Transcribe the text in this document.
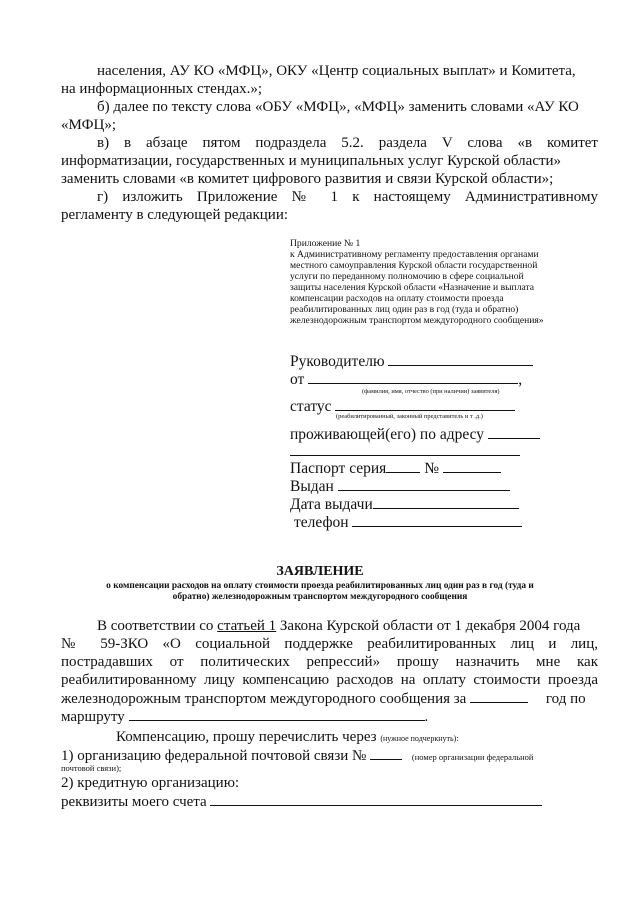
населения, АУ КО «МФЦ», ОКУ «Центр социальных выплат» и Комитета,
на информационных стендах.»;
б) далее по тексту слова «ОБУ «МФЦ», «МФЦ» заменить словами «АУ КО
«МФЦ»;
в) в абзаце пятом подраздела 5.2. раздела V слова «в комитет
информатизации, государственных и муниципальных услуг Курской области»
заменить словами «в комитет цифрового развития и связи Курской области»;
г) изложить Приложение № 1 к настоящему Административному
регламенту в следующей редакции:
Приложение № 1
к Административному регламенту предоставления органами
местного самоуправления Курской области государственной
услуги по переданному полномочию в сфере социальной
защиты населения Курской области «Назначение и выплата
компенсации расходов на оплату стоимости проезда
реабилитированных лиц один раз в год (туда и обратно)
железнодорожным транспортом междугородного сообщения»
Руководителю
от	,
(фамилия, имя, отчество (при наличии) заявителя)
статус
(реабилитированный, законный представитель и т .д.)
проживающей(его) по адресу
Паспорт серия №
Выдан
Дата выдачи
телефон
ЗАЯВЛЕНИЕ
о компенсации расходов на оплату стоимости проезда реабилитированных лиц один раз в год (туда и
обратно) железнодорожным транспортом междугородного сообщения
В соответствии со статьей 1 Закона Курской области от 1 декабря 2004 года
№ 59-ЗКО «О социальной поддержке реабилитированных лиц и лиц,
пострадавших от политических репрессий» прошу назначить мне как
реабилитированному лицу компенсацию расходов на оплату стоимости проезда
железнодорожным транспортом междугородного сообщения за	год по
маршруту	.
Компенсацию, прошу перечислить через (нужное подчеркнуть):
1) организацию федеральной почтовой связи №	(номер организации федеральной
почтовой связи);
2) кредитную организацию:
реквизиты моего счета
